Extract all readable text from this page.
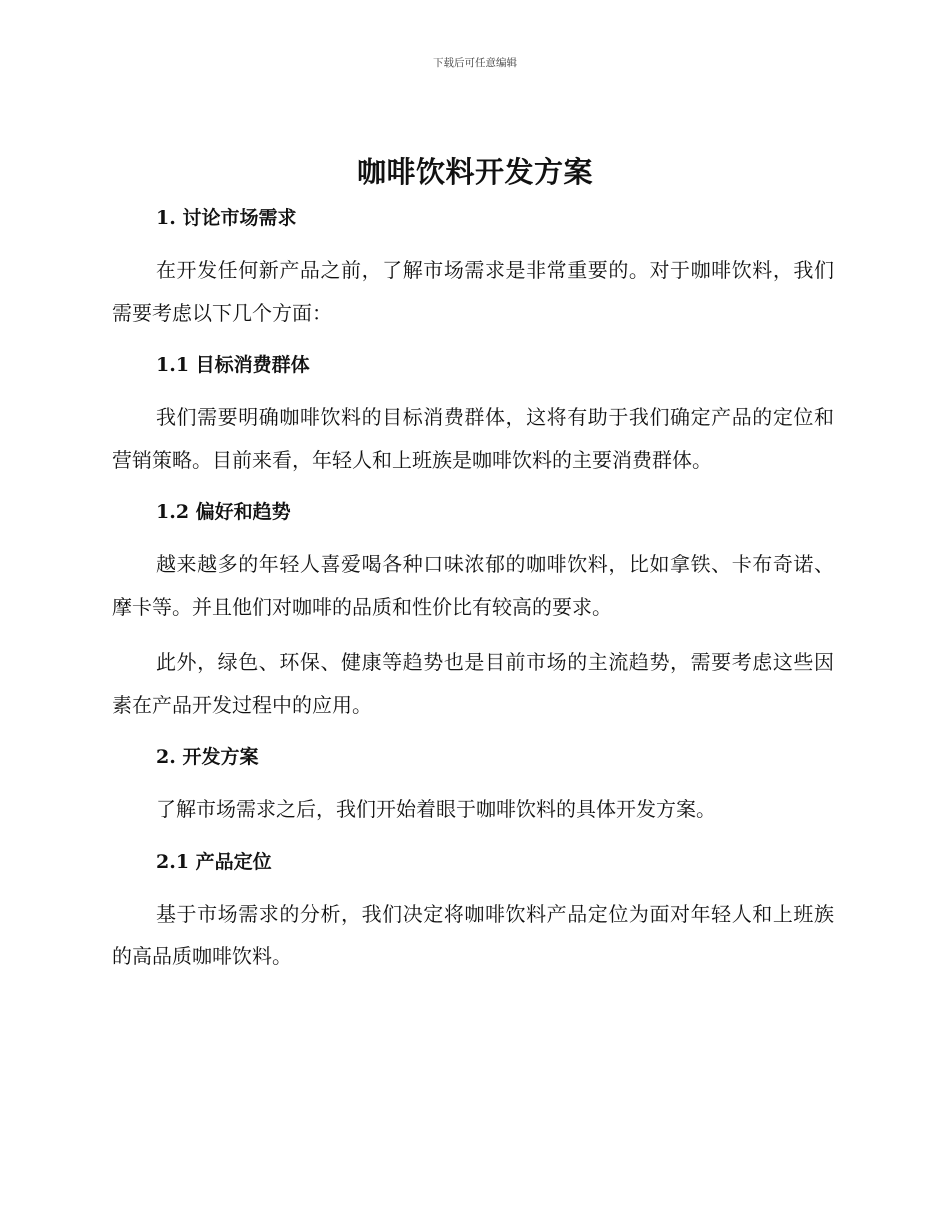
下载后可任意编辑
咖啡饮料开发方案

1. 讨论市场需求

在开发任何新产品之前，了解市场需求是非常重要的。对于咖啡饮料，我们需要考虑以下几个方面：

1.1 目标消费群体

我们需要明确咖啡饮料的目标消费群体，这将有助于我们确定产品的定位和营销策略。目前来看，年轻人和上班族是咖啡饮料的主要消费群体。

1.2 偏好和趋势

越来越多的年轻人喜爱喝各种口味浓郁的咖啡饮料，比如拿铁、卡布奇诺、摩卡等。并且他们对咖啡的品质和性价比有较高的要求。

此外，绿色、环保、健康等趋势也是目前市场的主流趋势，需要考虑这些因素在产品开发过程中的应用。

2. 开发方案

了解市场需求之后，我们开始着眼于咖啡饮料的具体开发方案。

2.1 产品定位

基于市场需求的分析，我们决定将咖啡饮料产品定位为面对年轻人和上班族的高品质咖啡饮料。
